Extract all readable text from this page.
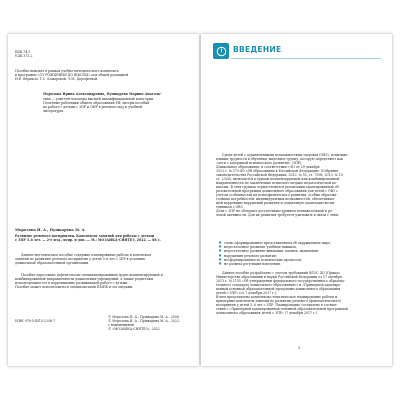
ББК 74.3
УДК 373.2

Пособие выходит в рамках учебно-методического комплекта
к программе «ОТ РОЖДЕНИЯ ДО ШКОЛЫ» под общей редакцией
Н.Е. Вераксы, Т.С. Комаровой, Э.М. Дорофеевой.

Морозова Ирина Александровна, Пушкарева Марина Анатоль-

евна — учителя-логопеды высшей квалификационной категории.
Почетные работники общего образования РФ, авторы пособий
по работе с детьми с ЗПР и ОНР в речевом саду и учебной
литературы.

Морозова И. А., Пушкарева М. А.

Развитие речевого восприятия. Конспекты занятий для работы с детьми
с ЗПР 5–6 лет. — 2-е изд., испр. и доп. — М.: МОЗАИКА-СИНТЕЗ, 2022. — 88 с.

Данное методическое пособие содержит планирование работы и конспекты
занятий по развитию речевого восприятия у детей 5–6 лет с ЗПР в условиях
дошкольной образовательной организации.

Пособие адресовано дефектологам специализированных групп компенсирующей и
комбинированной направленности дошкольных учреждений, а также родителям,
использующим его в коррекционно-развивающей работе с детьми.
Пособие может использоваться специалистами ПМПК и логопедами.

ISBN 978-5-4315-2256-7

© Морозова И. А., Пушкарева М. А., 2006
© Морозова И. А., Пушкарева М. А., 2022,
с изменениями
© «МОЗАИКА-СИНТЕЗ», 2022

ВВЕДЕНИЕ

Среди детей с ограниченными возможностями здоровья (ОВЗ), испытыва-
ющими трудности в обучении, выделяют группу, которую определяют как
«дети с задержкой психического развития» (ЗПР).
Дошкольное образование, в соответствии с ФЗ от 29 декабря
2012 г. № 273-ФЗ «Об образовании в Российской Федерации» (Собрание
законодательства Российской Федерации, 2012, № 53, ст. 7598; 2013, № 19,
ст. 2326), включается в группы компенсирующей или комбинированной
направленности по заключению психолого-медико-педагогической ко-
миссии. В этих группах осуществляется реализация адаптированной об-
разовательной программы дошкольного образования для детей с ОВЗ с
учетом особенностей их психофизического развития, особых образова-
тельных потребностей, индивидуальных возможностей, обеспечиваю-
щей коррекцию нарушений развития и социальную адаптацию воспи-
танников с ОВЗ.
Дети с ЗПР не обладают достаточным уровнем познавательной и ре-
чевой активности. Для их развития требуется учитывать в связи с этим:

■ слово сформированное представлением об окружающем мире;
■ недостаточное развитие учебных навыков;
■ недостаточное развитие внимания, памяти, мышления;
■ нарушения речевого развития;
■ несформированность психических процессов;
■ не развита регуляция поведения.

Данное пособие разработано с учетом требований ФГОС ДО (Приказ
Министерства образования и науки Российской Федерации от 17 октября
2013 г. № 1155 «Об утверждении федерального государственного образова-
тельного стандарта дошкольного образования») и «Примерной адаптиро-
ванной основной образовательной программы дошкольного образования
детей с ЗПР» (от 7 декабря 2017 г.).
В нем представлено комплексно-тематическое планирование работы и
примерные конспекты занятий по развитию речевого (фонематического)
восприятия у детей 5–6 лет с ЗПР. Планирование составлено в соответ-
ствии с «Примерной адаптированной основной образовательной программой
дошкольного образования детей с ЗПР» (7 декабря 2017 г.).

3
